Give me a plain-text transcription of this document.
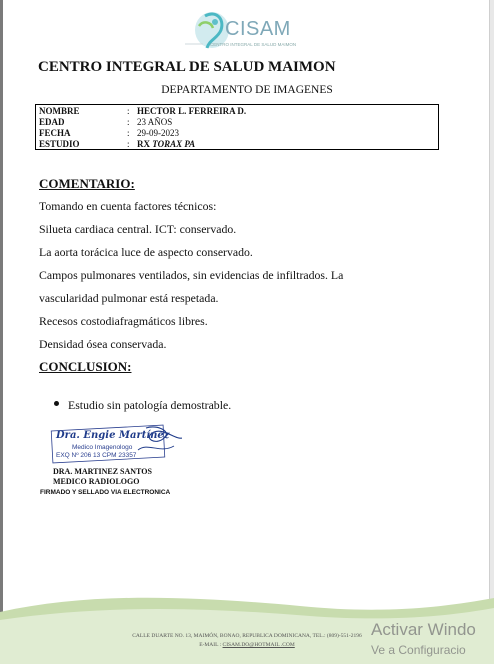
CISAM
CENTRO INTEGRAL DE SALUD MAIMON
CENTRO INTEGRAL DE SALUD MAIMON
DEPARTAMENTO DE IMAGENES
NOMBRE	: HECTOR L. FERREIRA D.
EDAD	: 23 AÑOS
FECHA	: 29-09-2023
ESTUDIO	: RX TORAX PA
COMENTARIO:

Tomando en cuenta factores técnicos:

Silueta cardiaca central. ICT: conservado.

La aorta torácica luce de aspecto conservado.

Campos pulmonares ventilados, sin evidencias de infiltrados. La

vascularidad pulmonar está respetada.

Recesos costodiafragmáticos libres.

Densidad ósea conservada.

CONCLUSION:

Estudio sin patología demostrable.

Dra. Engie Martínez
Medico Imagenologo
EXQ Nº 206 13 CPM 23357
DRA. MARTINEZ SANTOS
MEDICO RADIOLOGO
FIRMADO Y SELLADO VIA ELECTRONICA
CALLE DUARTE NO. 13, MAIMÓN, BONAO, REPUBLICA DOMINICANA, TEL.: (809)-551-2196
E-MAIL : CISAM.DO@HOTMAIL .COM
Activar Windo
Ve a Configuracio
